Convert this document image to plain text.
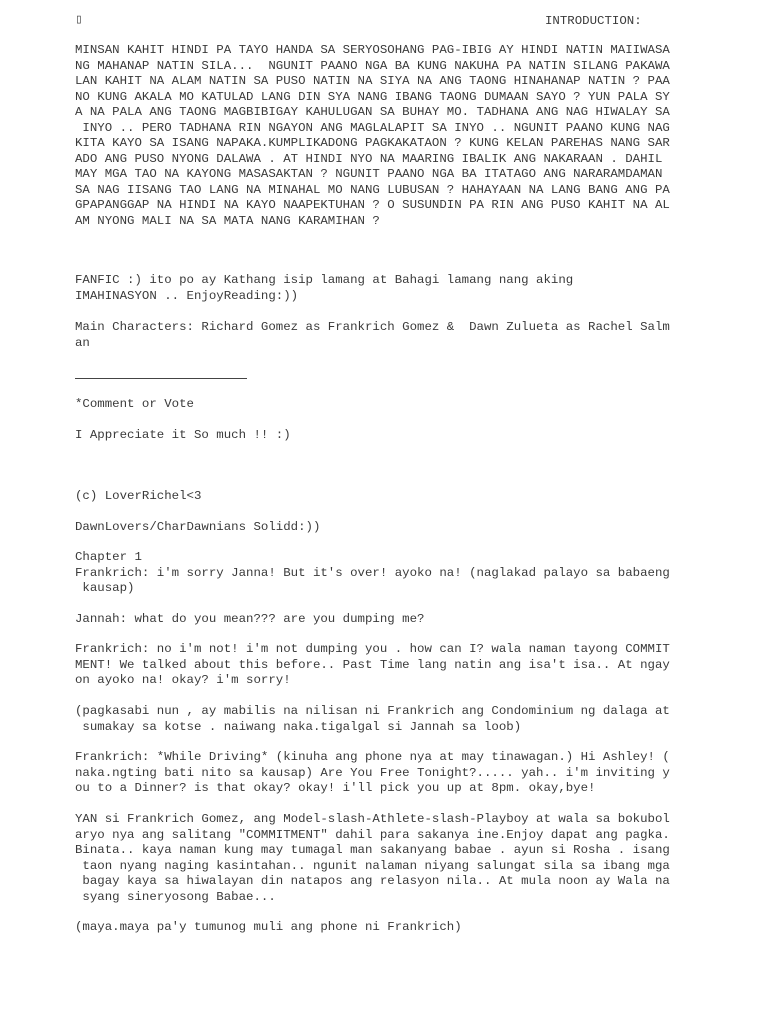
▯	INTRODUCTION:
MINSAN KAHIT HINDI PA TAYO HANDA SA SERYOSOHANG PAG-IBIG AY HINDI NATIN MAIIWASA
NG MAHANAP NATIN SILA...  NGUNIT PAANO NGA BA KUNG NAKUHA PA NATIN SILANG PAKAWA
LAN KAHIT NA ALAM NATIN SA PUSO NATIN NA SIYA NA ANG TAONG HINAHANAP NATIN ? PAA
NO KUNG AKALA MO KATULAD LANG DIN SYA NANG IBANG TAONG DUMAAN SAYO ? YUN PALA SY
A NA PALA ANG TAONG MAGBIBIGAY KAHULUGAN SA BUHAY MO. TADHANA ANG NAG HIWALAY SA
INYO .. PERO TADHANA RIN NGAYON ANG MAGLALAPIT SA INYO .. NGUNIT PAANO KUNG NAG
KITA KAYO SA ISANG NAPAKA.KUMPLIKADONG PAGKAKATAON ? KUNG KELAN PAREHAS NANG SAR
ADO ANG PUSO NYONG DALAWA . AT HINDI NYO NA MAARING IBALIK ANG NAKARAAN . DAHIL
MAY MGA TAO NA KAYONG MASASAKTAN ? NGUNIT PAANO NGA BA ITATAGO ANG NARARAMDAMAN
SA NAG IISANG TAO LANG NA MINAHAL MO NANG LUBUSAN ? HAHAYAAN NA LANG BANG ANG PA
GPAPANGGAP NA HINDI NA KAYO NAAPEKTUHAN ? O SUSUNDIN PA RIN ANG PUSO KAHIT NA AL
AM NYONG MALI NA SA MATA NANG KARAMIHAN ?
FANFIC :) ito po ay Kathang isip lamang at Bahagi lamang nang aking
IMAHINASYON .. EnjoyReading:))
Main Characters: Richard Gomez as Frankrich Gomez &  Dawn Zulueta as Rachel Salm
an
*Comment or Vote
I Appreciate it So much !! :)
(c) LoverRichel<3
DawnLovers/CharDawnians Solidd:))
Chapter 1
Frankrich: i'm sorry Janna! But it's over! ayoko na! (naglakad palayo sa babaeng
kausap)
Jannah: what do you mean??? are you dumping me?
Frankrich: no i'm not! i'm not dumping you . how can I? wala naman tayong COMMIT
MENT! We talked about this before.. Past Time lang natin ang isa't isa.. At ngay
on ayoko na! okay? i'm sorry!
(pagkasabi nun , ay mabilis na nilisan ni Frankrich ang Condominium ng dalaga at
sumakay sa kotse . naiwang naka.tigalgal si Jannah sa loob)
Frankrich: *While Driving* (kinuha ang phone nya at may tinawagan.) Hi Ashley! (
naka.ngting bati nito sa kausap) Are You Free Tonight?..... yah.. i'm inviting y
ou to a Dinner? is that okay? okay! i'll pick you up at 8pm. okay,bye!
YAN si Frankrich Gomez, ang Model-slash-Athlete-slash-Playboy at wala sa bokubol
aryo nya ang salitang "COMMITMENT" dahil para sakanya ine.Enjoy dapat ang pagka.
Binata.. kaya naman kung may tumagal man sakanyang babae . ayun si Rosha . isang
taon nyang naging kasintahan.. ngunit nalaman niyang salungat sila sa ibang mga
bagay kaya sa hiwalayan din natapos ang relasyon nila.. At mula noon ay Wala na
syang sineryosong Babae...
(maya.maya pa'y tumunog muli ang phone ni Frankrich)
